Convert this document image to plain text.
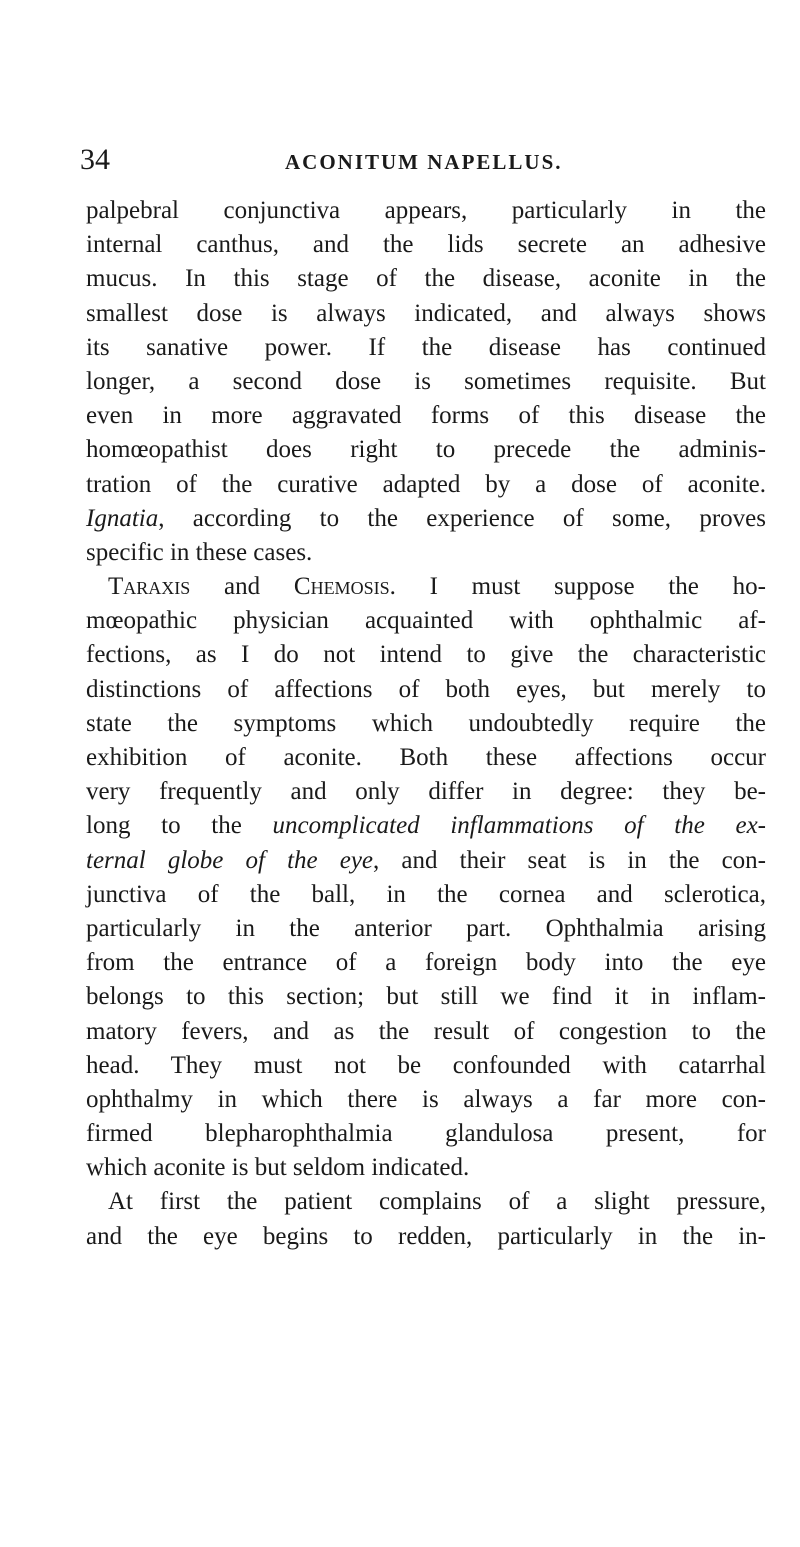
34	ACONITUM NAPELLUS.
palpebral conjunctiva appears, particularly in the
internal canthus, and the lids secrete an adhesive
mucus. In this stage of the disease, aconite in the
smallest dose is always indicated, and always shows
its sanative power. If the disease has continued
longer, a second dose is sometimes requisite. But
even in more aggravated forms of this disease the
homœopathist does right to precede the adminis-
tration of the curative adapted by a dose of aconite.
Ignatia, according to the experience of some, proves
specific in these cases.
Taraxis and Chemosis. I must suppose the ho-
mœopathic physician acquainted with ophthalmic af-
fections, as I do not intend to give the characteristic
distinctions of affections of both eyes, but merely to
state the symptoms which undoubtedly require the
exhibition of aconite. Both these affections occur
very frequently and only differ in degree: they be-
long to the uncomplicated inflammations of the ex-
ternal globe of the eye, and their seat is in the con-
junctiva of the ball, in the cornea and sclerotica,
particularly in the anterior part. Ophthalmia arising
from the entrance of a foreign body into the eye
belongs to this section; but still we find it in inflam-
matory fevers, and as the result of congestion to the
head. They must not be confounded with catarrhal
ophthalmy in which there is always a far more con-
firmed blepharophthalmia glandulosa present, for
which aconite is but seldom indicated.
At first the patient complains of a slight pressure,
and the eye begins to redden, particularly in the in-
